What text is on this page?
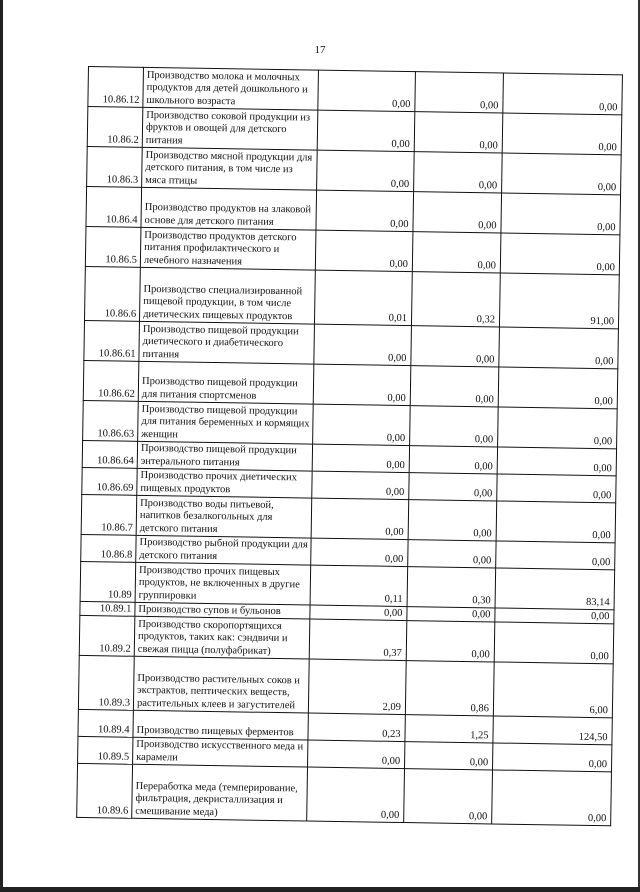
17
10.86.12	Производство молока и молочных продуктов для детей дошкольного и школьного возраста	0,00	0,00	0,00
10.86.2	Производство соковой продукции из фруктов и овощей для детского питания	0,00	0,00	0,00
10.86.3	Производство мясной продукции для детского питания, в том числе из мяса птицы	0,00	0,00	0,00
10.86.4	Производство продуктов на злаковой основе для детского питания	0,00	0,00	0,00
10.86.5	Производство продуктов детского питания профилактического и лечебного назначения	0,00	0,00	0,00
10.86.6	Производство специализированной пищевой продукции, в том числе диетических пищевых продуктов	0,01	0,32	91,00
10.86.61	Производство пищевой продукции диетического и диабетического питания	0,00	0,00	0,00
10.86.62	Производство пищевой продукции для питания спортсменов	0,00	0,00	0,00
10.86.63	Производство пищевой продукции для питания беременных и кормящих женщин	0,00	0,00	0,00
10.86.64	Производство пищевой продукции энтерального питания	0,00	0,00	0,00
10.86.69	Производство прочих диетических пищевых продуктов	0,00	0,00	0,00
10.86.7	Производство воды питьевой, напитков безалкогольных для детского питания	0,00	0,00	0,00
10.86.8	Производство рыбной продукции для детского питания	0,00	0,00	0,00
10.89	Производство прочих пищевых продуктов, не включенных в другие группировки	0,11	0,30	83,14
10.89.1	Производство супов и бульонов	0,00	0,00	0,00
10.89.2	Производство скоропортящихся продуктов, таких как: сэндвичи и свежая пицца (полуфабрикат)	0,37	0,00	0,00
10.89.3	Производство растительных соков и экстрактов, пептических веществ, растительных клеев и загустителей	2,09	0,86	6,00
10.89.4	Производство пищевых ферментов	0,23	1,25	124,50
10.89.5	Производство искусственного меда и карамели	0,00	0,00	0,00
10.89.6	Переработка меда (темперирование, фильтрация, декристаллизация и смешивание меда)	0,00	0,00	0,00
